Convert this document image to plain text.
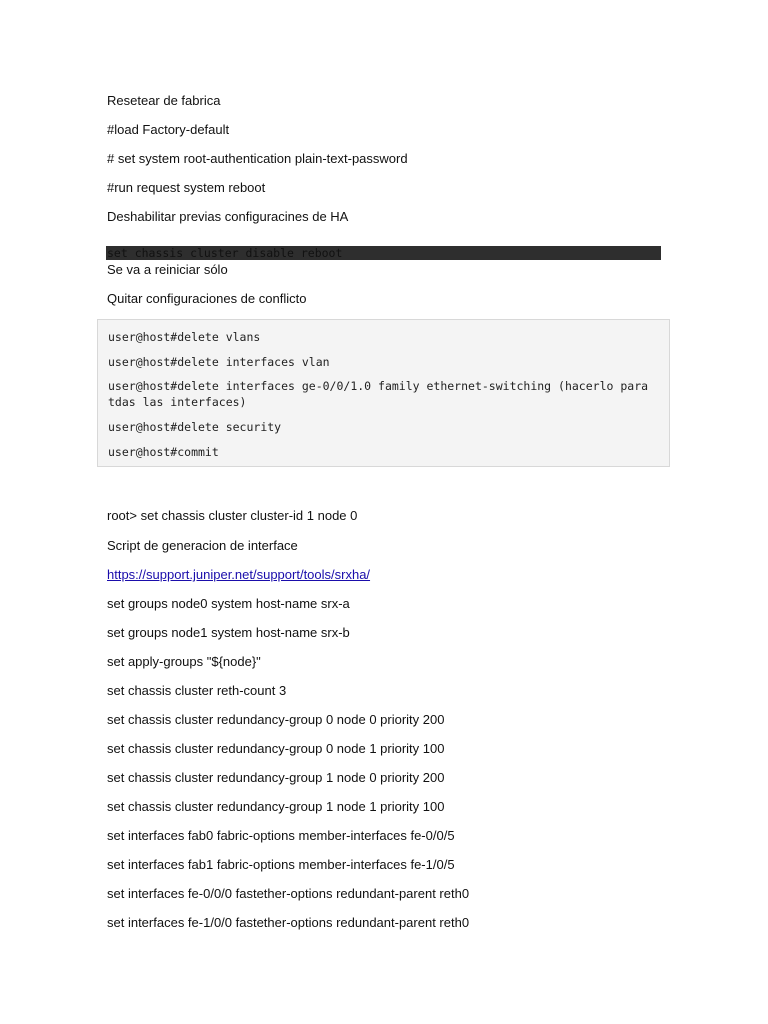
Resetear de fabrica
#load Factory-default
# set system root-authentication plain-text-password
#run request system reboot
Deshabilitar previas configuracines de HA
set chassis cluster disable reboot
Se va a reiniciar sólo
Quitar configuraciones de conflicto
user@host#delete vlans
user@host#delete interfaces vlan
user@host#delete interfaces ge-0/0/1.0 family ethernet-switching (hacerlo para tdas las interfaces)
user@host#delete security
user@host#commit
root> set chassis cluster cluster-id 1 node 0
Script de generacion de interface
https://support.juniper.net/support/tools/srxha/
set groups node0 system host-name srx-a
set groups node1 system host-name srx-b
set apply-groups "${node}"
set chassis cluster reth-count 3
set chassis cluster redundancy-group 0 node 0 priority 200
set chassis cluster redundancy-group 0 node 1 priority 100
set chassis cluster redundancy-group 1 node 0 priority 200
set chassis cluster redundancy-group 1 node 1 priority 100
set interfaces fab0 fabric-options member-interfaces fe-0/0/5
set interfaces fab1 fabric-options member-interfaces fe-1/0/5
set interfaces fe-0/0/0 fastether-options redundant-parent reth0
set interfaces fe-1/0/0 fastether-options redundant-parent reth0
